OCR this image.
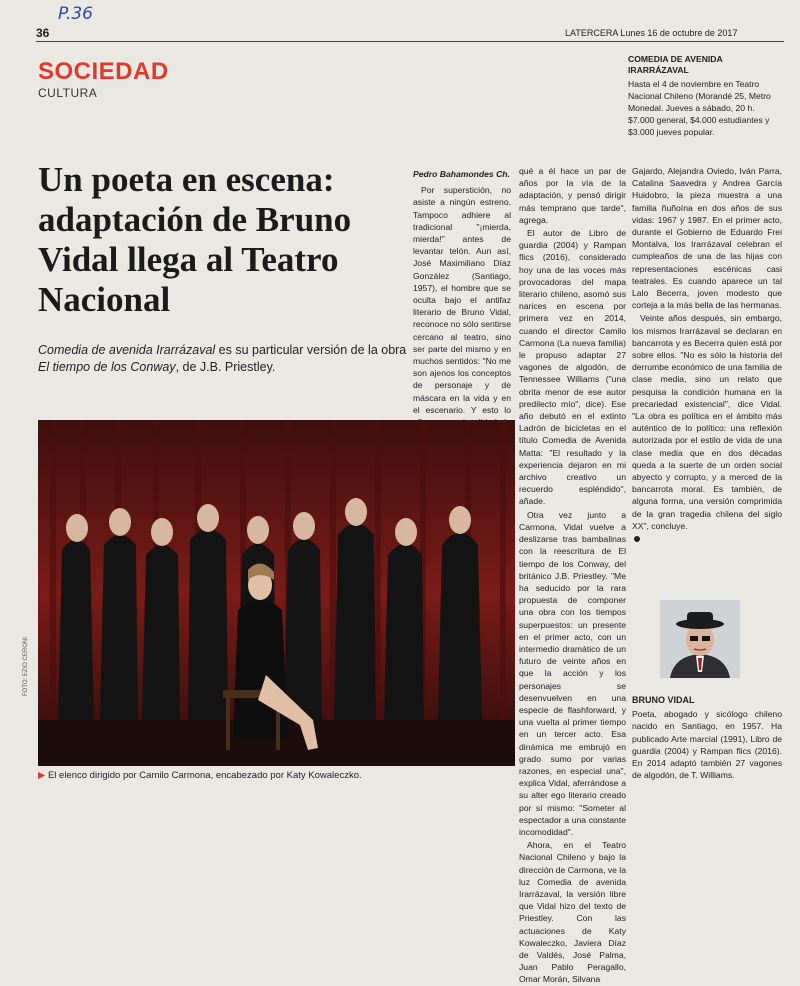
P.36
36	LATERCERA Lunes 16 de octubre de 2017
SOCIEDAD
CULTURA
COMEDIA DE AVENIDA IRARRÁZAVAL
Hasta el 4 de noviembre en Teatro Nacional Chileno (Morandé 25, Metro Monedal. Jueves a sábado, 20 h. $7.000 general, $4.000 estudiantes y $3.000 jueves popular.
Un poeta en escena: adaptación de Bruno Vidal llega al Teatro Nacional
Comedia de avenida Irarrázaval es su particular versión de la obra El tiempo de los Conway, de J.B. Priestley.

Pedro Bahamondes Ch.

Por superstición, no asiste a ningún estreno. Tampoco adhiere al tradicional "¡mierda, mierda!" antes de levantar telón. Aun así, José Maximiliano Díaz González (Santiago, 1957), el hombre que se oculta bajo el antifaz literario de Bruno Vidal, reconoce no sólo sentirse cercano al teatro, sino ser parte del mismo y en muchos sentidos: "No me son ajenos los conceptos de personaje y de máscara en la vida y en el escenario. Y esto lo

qué a él hace un par de años por la vía de la adaptación, y pensó dirigir más temprano que tarde", agrega.

El autor de Libro de guardia (2004) y Rampan flics (2016), considerado hoy una de las voces más provocadoras del mapa literario chileno, asomó sus narices en escena por primera vez en 2014, cuando el director Camilo Carmona (La nueva familia) le propuso adaptar 27 vagones de algodón, de Tennessee Williams ("una obrita menor de ese autor predilecto mío", dice). Ese año debutó en el extinto Ladrón de bicicletas en el título Comedia de Avenida Matta: "El resultado y la experiencia dejaron en mi archivo creativo un recuerdo espléndido", añade.

Otra vez junto a Carmona, Vidal vuelve a deslizarse tras bambalinas con la reescritura de El tiempo de los Conway, del británico J.B. Priestley. "Me ha seducido por la rara propuesta de componer una obra con los tiempos superpuestos: un presente en el primer acto, con un intermedio dramático de un futuro de veinte años en que la acción y los personajes se desenvuelven en una especie de flashforward, y una vuelta al primer tiempo en un tercer acto. Esa dinámica me embrujó en grado sumo por varias razones, en especial una", explica Vidal, aferrándose a su alter ego literario creado por sí mismo: "Someter al espectador a una constante incomodidad".

Ahora, en el Teatro Nacional Chileno y bajo la dirección de Carmona, ve la luz Comedia de avenida Irarrázaval, la versión libre que Vidal hizo del texto de Priestley. Con las actuaciones de Katy Kowaleczko, Javiera Díaz de Valdés, José Palma, Juan Pablo Peragallo, Omar Morán, Silvana

Gajardo, Alejandra Oviedo, Iván Parra, Catalina Saavedra y Andrea García Huidobro, la pieza muestra a una familia ñuñoína en dos años de sus vidas: 1967 y 1987. En el primer acto, durante el Gobierno de Eduardo Frei Montalva, los Irarrázaval celebran el cumpleaños de una de las hijas con representaciones escénicas casi teatrales. Es cuando aparece un tal Lalo Becerra, joven modesto que corteja a la más bella de las hermanas.

Veinte años después, sin embargo, los mismos Irarrázaval se declaran en bancarrota y es Becerra quien está por sobre ellos. "No es sólo la historia del derrumbe económico de una familia de clase media, sino un relato que pesquisa la condición humana en la precariedad existencial", dice Vidal. "La obra es política en el ámbito más auténtico de lo político: una reflexión autorizada por el estilo de vida de una clase media que en dos décadas queda a la suerte de un orden social abyecto y corrupto, y a merced de la bancarrota moral. Es también, de alguna forma, una versión comprimida de la gran tragedia chilena del siglo XX", concluye.

BRUNO VIDAL

Poeta, abogado y sicólogo chileno nacido en Santiago, en 1957. Ha publicado Arte marcial (1991), Libro de guardia (2004) y Rampan flics (2016). En 2014 adaptó también 27 vagones de algodón, de T. Williams.

FOTO: EZIO CERONI
▶ El elenco dirigido por Camilo Carmona, encabezado por Katy Kowaleczko.
